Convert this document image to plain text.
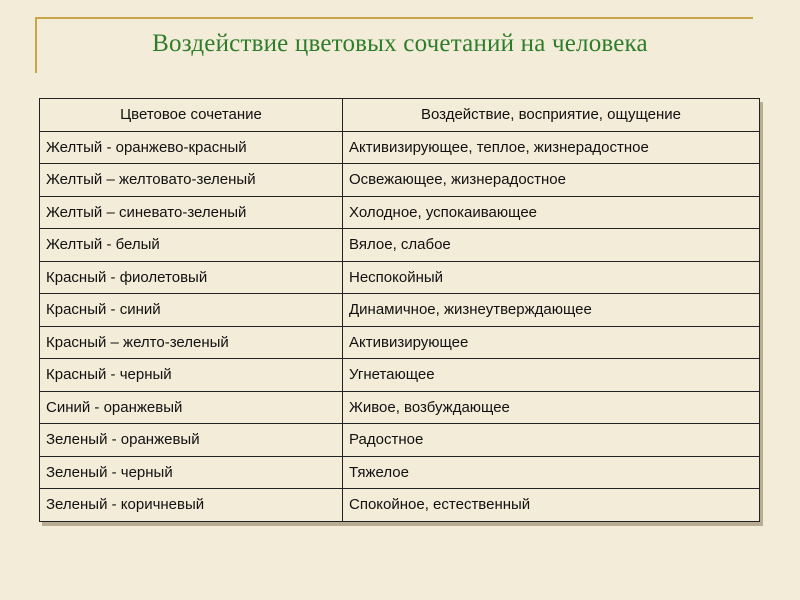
Воздействие цветовых сочетаний на человека
Цветовое сочетание	Воздействие, восприятие, ощущение
Желтый - оранжево-красный	Активизирующее, теплое, жизнерадостное
Желтый – желтовато-зеленый	Освежающее, жизнерадостное
Желтый – синевато-зеленый	Холодное, успокаивающее
Желтый - белый	Вялое, слабое
Красный - фиолетовый	Неспокойный
Красный - синий	Динамичное, жизнеутверждающее
Красный – желто-зеленый	Активизирующее
Красный - черный	Угнетающее
Синий - оранжевый	Живое, возбуждающее
Зеленый - оранжевый	Радостное
Зеленый - черный	Тяжелое
Зеленый - коричневый	Спокойное, естественный
